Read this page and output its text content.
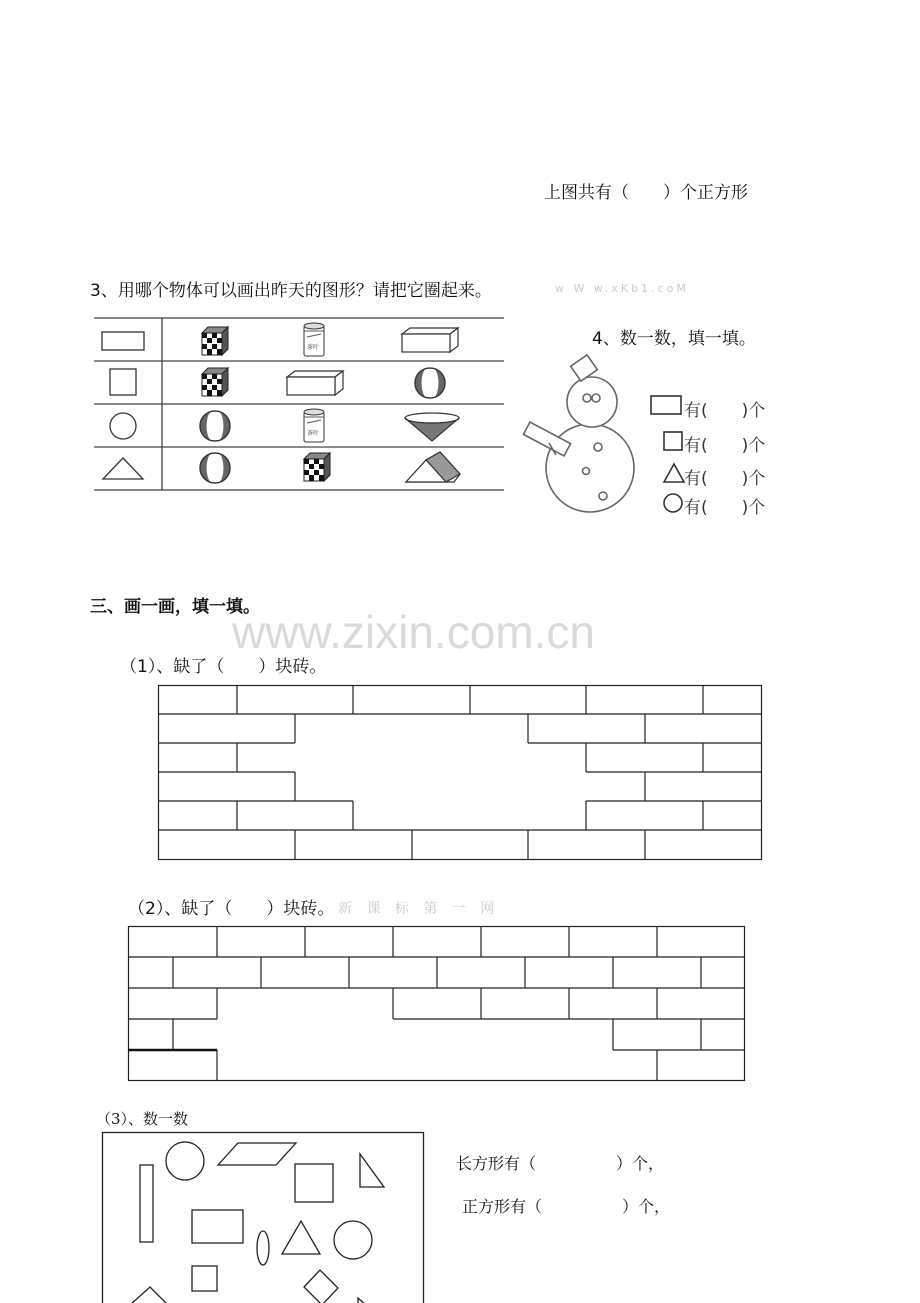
上图共有（　　）个正方形
3、用哪个物体可以画出昨天的图形？请把它圈起来。	w W w.xKb1.coM
茶叶
茶叶
4、数一数，填一填。
有(　　)个
有(　　)个
有(　　)个
有(　　)个
三、画一画，填一填。
www.zixin.com.cn
（1）、缺了（　　）块砖。
（2）、缺了（　　）块砖。 新 课 标 第 一 网
（3）、数一数
长方形有（　　　　　）个，
正方形有（　　　　　）个，
